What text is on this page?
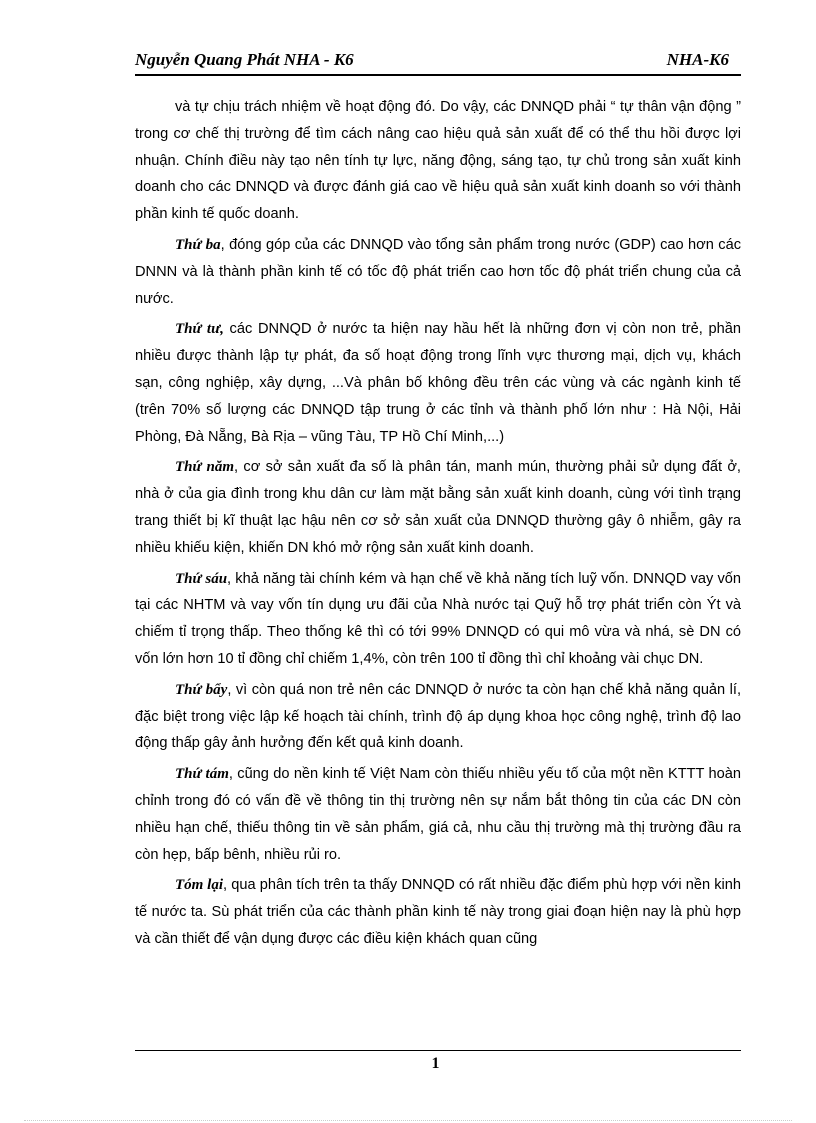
Nguyễn Quang Phát NHA - K6	NHA-K6

và tự chịu trách nhiệm về hoạt động đó. Do vậy, các DNNQD phải “ tự thân vận động ” trong cơ chế thị trường để tìm cách nâng cao hiệu quả sản xuất để có thể thu hồi được lợi nhuận. Chính điều này tạo nên tính tự lực, năng động, sáng tạo, tự chủ trong sản xuất kinh doanh cho các DNNQD và được đánh giá cao về hiệu quả sản xuất kinh doanh so với thành phần kinh tế quốc doanh.

Thứ ba, đóng góp của các DNNQD vào tổng sản phẩm trong nước (GDP) cao hơn các DNNN và là thành phần kinh tế có tốc độ phát triển cao hơn tốc độ phát triển chung của cả nước.

Thứ tư, các DNNQD ở nước ta hiện nay hầu hết là những đơn vị còn non trẻ, phần nhiều được thành lập tự phát, đa số hoạt động trong lĩnh vực thương mại, dịch vụ, khách sạn, công nghiệp, xây dựng, ...Và phân bố không đều trên các vùng và các ngành kinh tế (trên 70% số lượng các DNNQD tập trung ở các tỉnh và thành phố lớn như : Hà Nội, Hải Phòng, Đà Nẵng, Bà Rịa – vũng Tàu, TP Hồ Chí Minh,...)

Thứ năm, cơ sở sản xuất đa số là phân tán, manh mún, thường phải sử dụng đất ở, nhà ở của gia đình trong khu dân cư làm mặt bằng sản xuất kinh doanh, cùng với tình trạng trang thiết bị kĩ thuật lạc hậu nên cơ sở sản xuất của DNNQD thường gây ô nhiễm, gây ra nhiều khiếu kiện, khiến DN khó mở rộng sản xuất kinh doanh.

Thứ sáu, khả năng tài chính kém và hạn chế về khả năng tích luỹ vốn. DNNQD vay vốn tại các NHTM và vay vốn tín dụng ưu đãi của Nhà nước tại Quỹ hỗ trợ phát triển còn Ýt và chiếm tỉ trọng thấp. Theo thống kê thì có tới 99% DNNQD có qui mô vừa và nhá, sè DN có vốn lớn hơn 10 tỉ đồng chỉ chiếm 1,4%, còn trên 100 tỉ đồng thì chỉ khoảng vài chục DN.

Thứ bẩy, vì còn quá non trẻ nên các DNNQD ở nước ta còn hạn chế khả năng quản lí, đặc biệt trong việc lập kế hoạch tài chính, trình độ áp dụng khoa học công nghệ, trình độ lao động thấp gây ảnh hưởng đến kết quả kinh doanh.

Thứ tám, cũng do nền kinh tế Việt Nam còn thiếu nhiều yếu tố của một nền KTTT hoàn chỉnh trong đó có vấn đề về thông tin thị trường nên sự nắm bắt thông tin của các DN còn nhiều hạn chế, thiếu thông tin về sản phẩm, giá cả, nhu cầu thị trường mà thị trường đầu ra còn hẹp, bấp bênh, nhiều rủi ro.

Tóm lại, qua phân tích trên ta thấy DNNQD có rất nhiều đặc điểm phù hợp với nền kinh tế nước ta. Sù phát triển của các thành phần kinh tế này trong giai đoạn hiện nay là phù hợp và cần thiết để vận dụng được các điều kiện khách quan cũng

1
